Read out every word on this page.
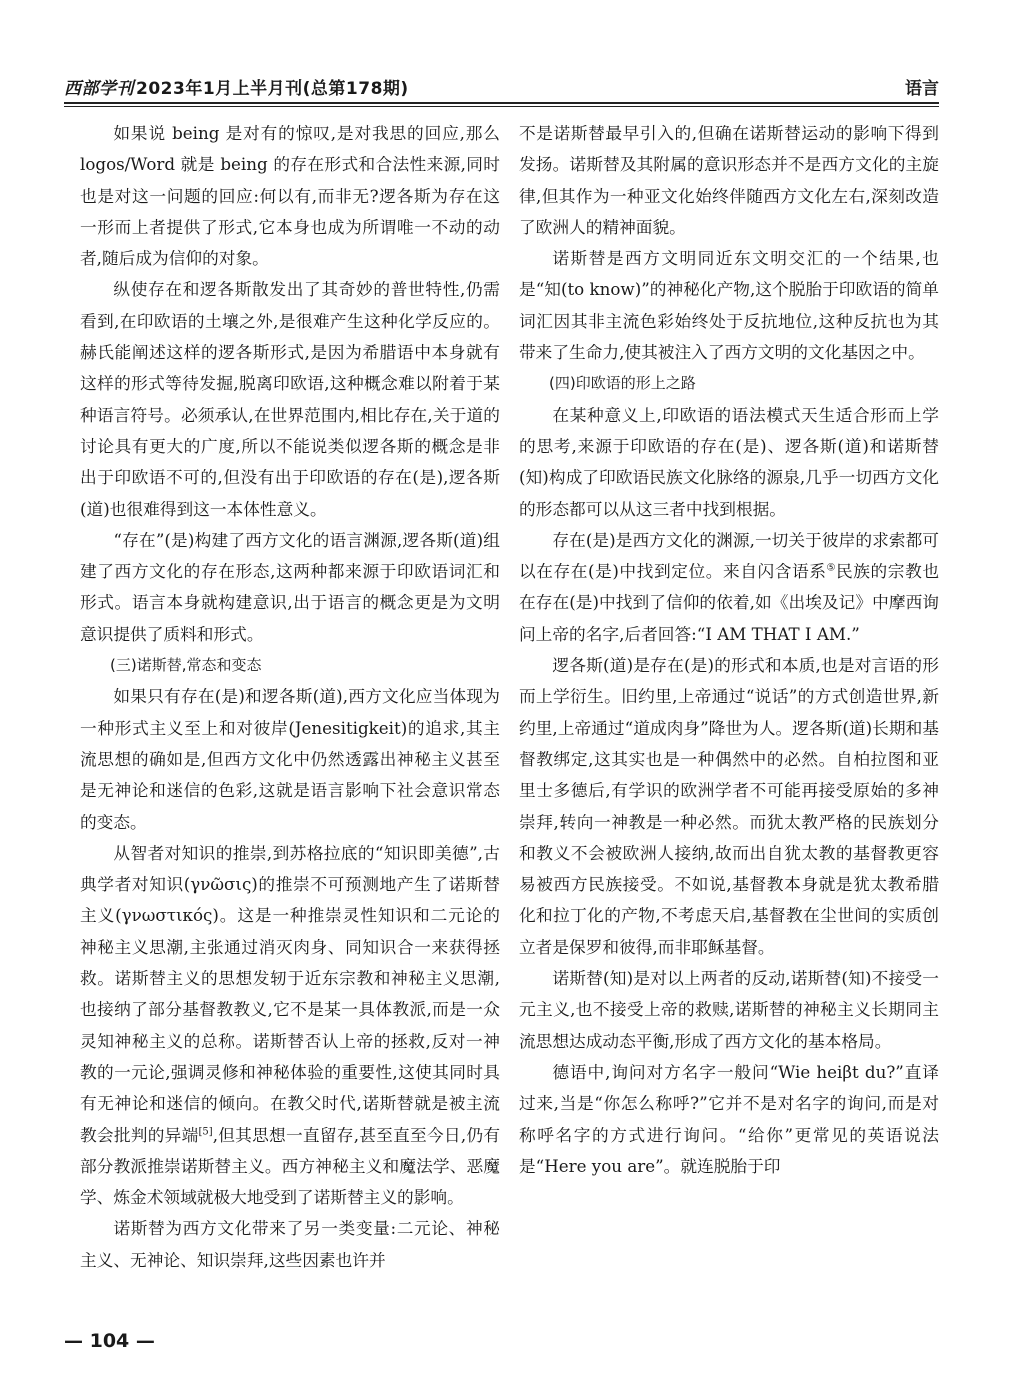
西部学刊 2023年1月上半月刊(总第178期)	语言

如果说 being 是对有的惊叹,是对我思的回应,那么 logos/Word 就是 being 的存在形式和合法性来源,同时也是对这一问题的回应:何以有,而非无?逻各斯为存在这一形而上者提供了形式,它本身也成为所谓唯一不动的动者,随后成为信仰的对象。

纵使存在和逻各斯散发出了其奇妙的普世特性,仍需看到,在印欧语的土壤之外,是很难产生这种化学反应的。赫氏能阐述这样的逻各斯形式,是因为希腊语中本身就有这样的形式等待发掘,脱离印欧语,这种概念难以附着于某种语言符号。必须承认,在世界范围内,相比存在,关于道的讨论具有更大的广度,所以不能说类似逻各斯的概念是非出于印欧语不可的,但没有出于印欧语的存在(是),逻各斯(道)也很难得到这一本体性意义。

“存在”(是)构建了西方文化的语言渊源,逻各斯(道)组建了西方文化的存在形态,这两种都来源于印欧语词汇和形式。语言本身就构建意识,出于语言的概念更是为文明意识提供了质料和形式。

(三)诺斯替,常态和变态

如果只有存在(是)和逻各斯(道),西方文化应当体现为一种形式主义至上和对彼岸(Jenesitigkeit)的追求,其主流思想的确如是,但西方文化中仍然透露出神秘主义甚至是无神论和迷信的色彩,这就是语言影响下社会意识常态的变态。

从智者对知识的推崇,到苏格拉底的“知识即美德”,古典学者对知识(γνῶσις)的推崇不可预测地产生了诺斯替主义(γνωστικός)。这是一种推崇灵性知识和二元论的神秘主义思潮,主张通过消灭肉身、同知识合一来获得拯救。诺斯替主义的思想发轫于近东宗教和神秘主义思潮,也接纳了部分基督教教义,它不是某一具体教派,而是一众灵知神秘主义的总称。诺斯替否认上帝的拯救,反对一神教的一元论,强调灵修和神秘体验的重要性,这使其同时具有无神论和迷信的倾向。在教父时代,诺斯替就是被主流教会批判的异端[5],但其思想一直留存,甚至直至今日,仍有部分教派推崇诺斯替主义。西方神秘主义和魔法学、恶魔学、炼金术领域就极大地受到了诺斯替主义的影响。

诺斯替为西方文化带来了另一类变量:二元论、神秘主义、无神论、知识崇拜,这些因素也许并

不是诺斯替最早引入的,但确在诺斯替运动的影响下得到发扬。诺斯替及其附属的意识形态并不是西方文化的主旋律,但其作为一种亚文化始终伴随西方文化左右,深刻改造了欧洲人的精神面貌。

诺斯替是西方文明同近东文明交汇的一个结果,也是“知(to know)”的神秘化产物,这个脱胎于印欧语的简单词汇因其非主流色彩始终处于反抗地位,这种反抗也为其带来了生命力,使其被注入了西方文明的文化基因之中。

(四)印欧语的形上之路

在某种意义上,印欧语的语法模式天生适合形而上学的思考,来源于印欧语的存在(是)、逻各斯(道)和诺斯替(知)构成了印欧语民族文化脉络的源泉,几乎一切西方文化的形态都可以从这三者中找到根据。

存在(是)是西方文化的渊源,一切关于彼岸的求索都可以在存在(是)中找到定位。来自闪含语系⑤民族的宗教也在存在(是)中找到了信仰的依着,如《出埃及记》中摩西询问上帝的名字,后者回答:“I AM THAT I AM.”

逻各斯(道)是存在(是)的形式和本质,也是对言语的形而上学衍生。旧约里,上帝通过“说话”的方式创造世界,新约里,上帝通过“道成肉身”降世为人。逻各斯(道)长期和基督教绑定,这其实也是一种偶然中的必然。自柏拉图和亚里士多德后,有学识的欧洲学者不可能再接受原始的多神崇拜,转向一神教是一种必然。而犹太教严格的民族划分和教义不会被欧洲人接纳,故而出自犹太教的基督教更容易被西方民族接受。不如说,基督教本身就是犹太教希腊化和拉丁化的产物,不考虑天启,基督教在尘世间的实质创立者是保罗和彼得,而非耶稣基督。

诺斯替(知)是对以上两者的反动,诺斯替(知)不接受一元主义,也不接受上帝的救赎,诺斯替的神秘主义长期同主流思想达成动态平衡,形成了西方文化的基本格局。

德语中,询问对方名字一般问“Wie heiβt du?”直译过来,当是“你怎么称呼?”它并不是对名字的询问,而是对称呼名字的方式进行询问。“给你”更常见的英语说法是“Here you are”。就连脱胎于印

— 104 —
